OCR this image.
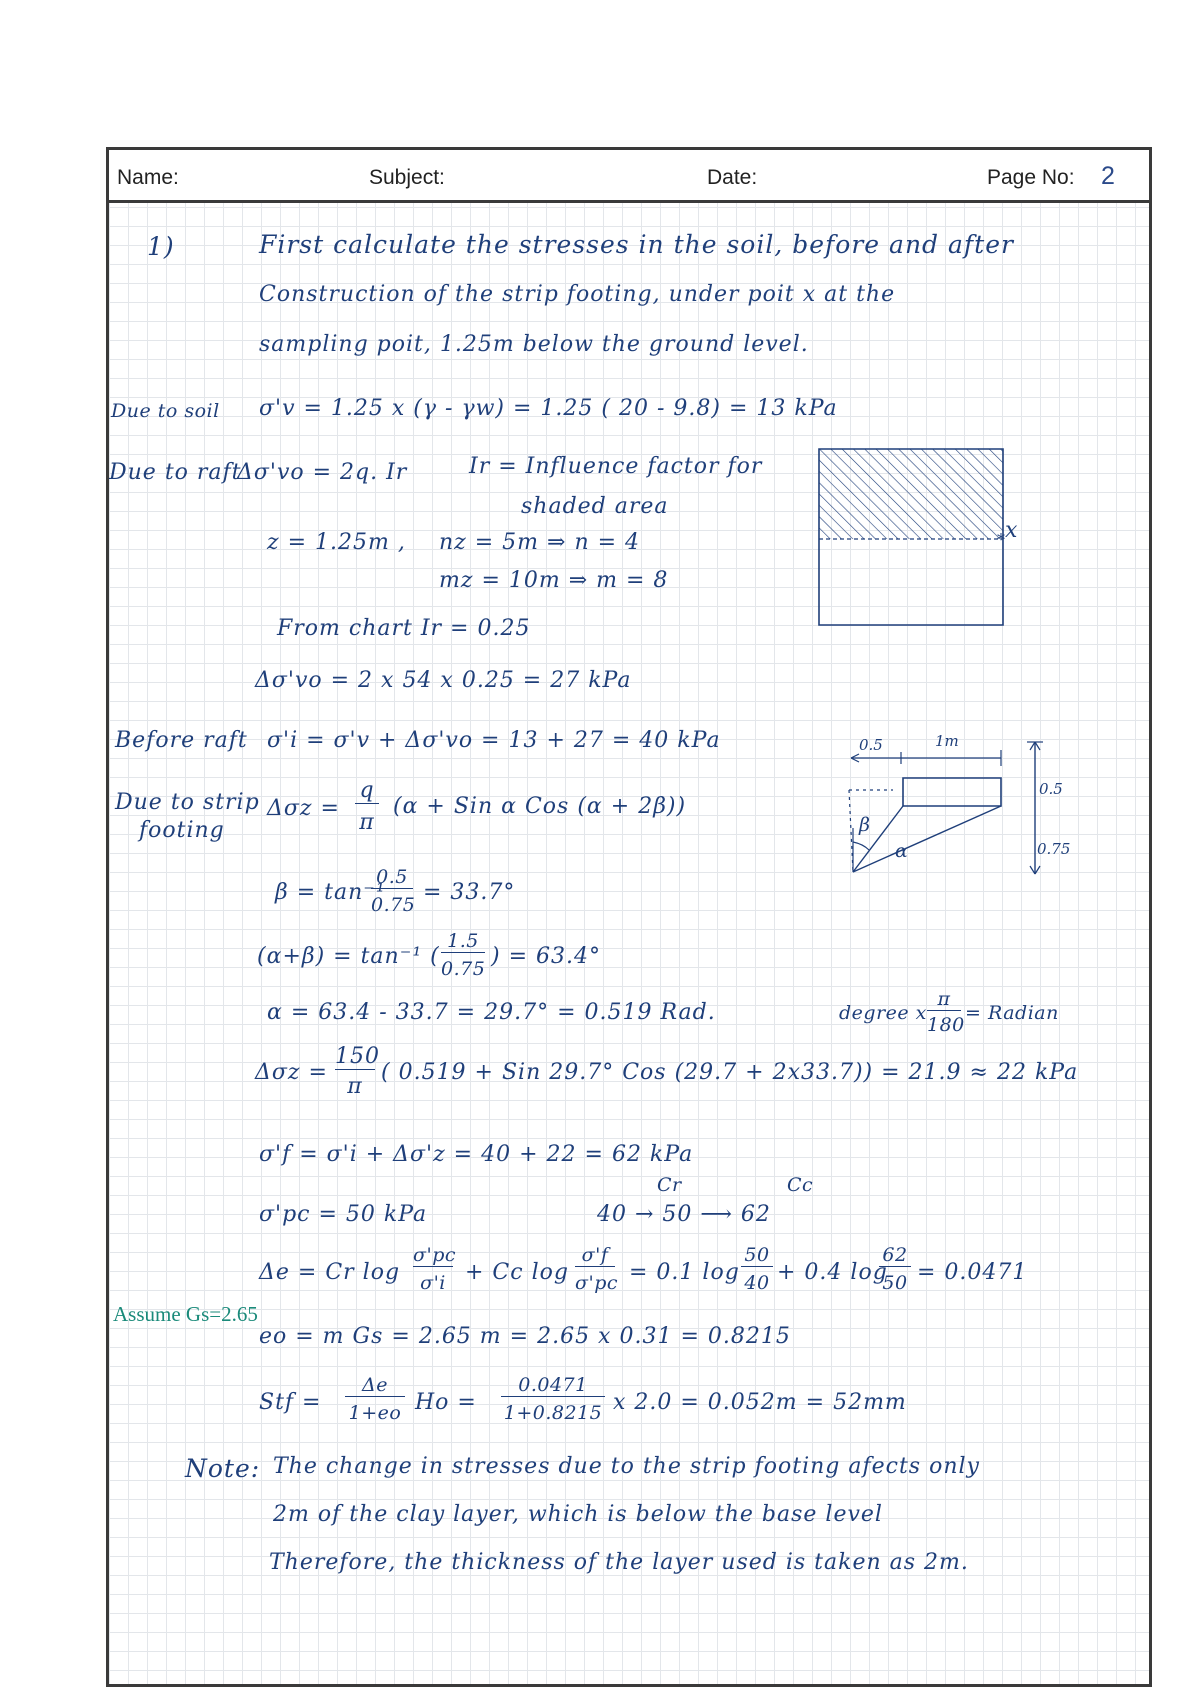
Name:	Subject:	Date:	Page No: 2
1)	First calculate the stresses in the soil, before and after
Construction of the strip footing, under poit x at the
sampling poit, 1.25m below the ground level.
Due to soil σ'v = 1.25 x (γ - γw) = 1.25 ( 20 - 9.8) = 13 kPa
Due to raft
Δσ'vo = 2q. Ir	Ir = Influence factor for
shaded area
z = 1.25m , nz = 5m ⇒ n = 4
mz = 10m ⇒ m = 8
From chart Ir = 0.25
Δσ'vo = 2 x 54 x 0.25 = 27 kPa
* x
Before raft σ'i = σ'v + Δσ'vo = 13 + 27 = 40 kPa
Due to strip
footing
Δσz =
q
π
(α + Sin α Cos (α + 2β))
0.5	1m
0.5
0.75
β
α
β = tan⁻¹
0.5
0.75 = 33.7°
(α+β) = tan⁻¹ (
1.5
0.75 ) = 63.4°
α = 63.4 - 33.7 = 29.7° = 0.519 Rad.	degree x
π
180
= Radian
Δσz =
150
π
( 0.519 + Sin 29.7° Cos (29.7 + 2x33.7)) = 21.9 ≈ 22 kPa
σ'f = σ'i + Δσ'z = 40 + 22 = 62 kPa
σ'pc = 50 kPa
Cr	Cc
40 → 50 ⟶ 62
Δe = Cr log
σ'pc
σ'i + Cc log
σ'f
σ'pc = 0.1 log
50
40 + 0.4 log
62
50 = 0.0471
Assume Gs=2.65
eo = m Gs = 2.65 m = 2.65 x 0.31 = 0.8215
Stf =
Δe
1+eo Ho =
0.0471
1+0.8215 x 2.0 = 0.052m = 52mm
Note: The change in stresses due to the strip footing afects only
2m of the clay layer, which is below the base level
Therefore, the thickness of the layer used is taken as 2m.
